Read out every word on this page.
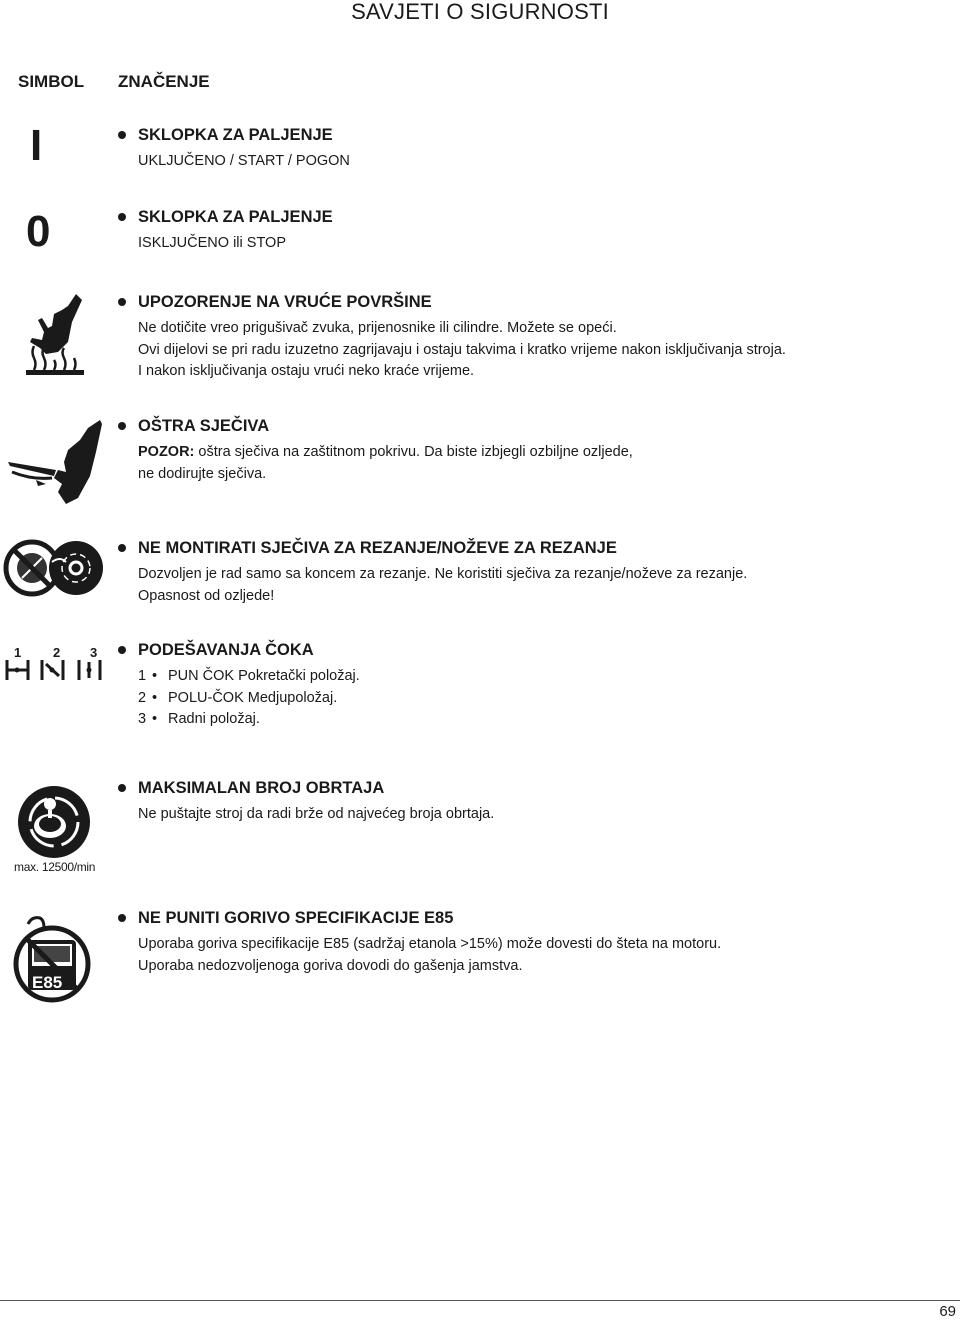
SAVJETI O SIGURNOSTI
SIMBOL ZNAČENJE
I	SKLOPKA ZA PALJENJE

UKLJUČENO / START / POGON

0	SKLOPKA ZA PALJENJE

ISKLJUČENO ili STOP

UPOZORENJE NA VRUĆE POVRŠINE

Ne dotičite vreo prigušivač zvuka, prijenosnike ili cilindre. Možete se opeći.

Ovi dijelovi se pri radu izuzetno zagrijavaju i ostaju takvima i kratko vrijeme nakon isključivanja stroja.

I nakon isključivanja ostaju vrući neko kraće vrijeme.

OŠTRA SJEČIVA

POZOR: oštra sječiva na zaštitnom pokrivu. Da biste izbjegli ozbiljne ozljede,

ne dodirujte sječiva.

NE MONTIRATI SJEČIVA ZA REZANJE/NOŽEVE ZA REZANJE

Dozvoljen je rad samo sa koncem za rezanje. Ne koristiti sječiva za rezanje/noževe za rezanje.

Opasnost od ozljede!

1 2 3 PODEŠAVANJA ČOKA

1 • PUN ČOK Pokretački položaj.

2 • POLU-ČOK Medjupoložaj.

3 • Radni položaj.

max. 12500/min
MAKSIMALAN BROJ OBRTAJA

Ne puštajte stroj da radi brže od najvećeg broja obrtaja.

E85
NE PUNITI GORIVO SPECIFIKACIJE E85

Uporaba goriva specifikacije E85 (sadržaj etanola >15%) može dovesti do šteta na motoru.

Uporaba nedozvoljenoga goriva dovodi do gašenja jamstva.

69
